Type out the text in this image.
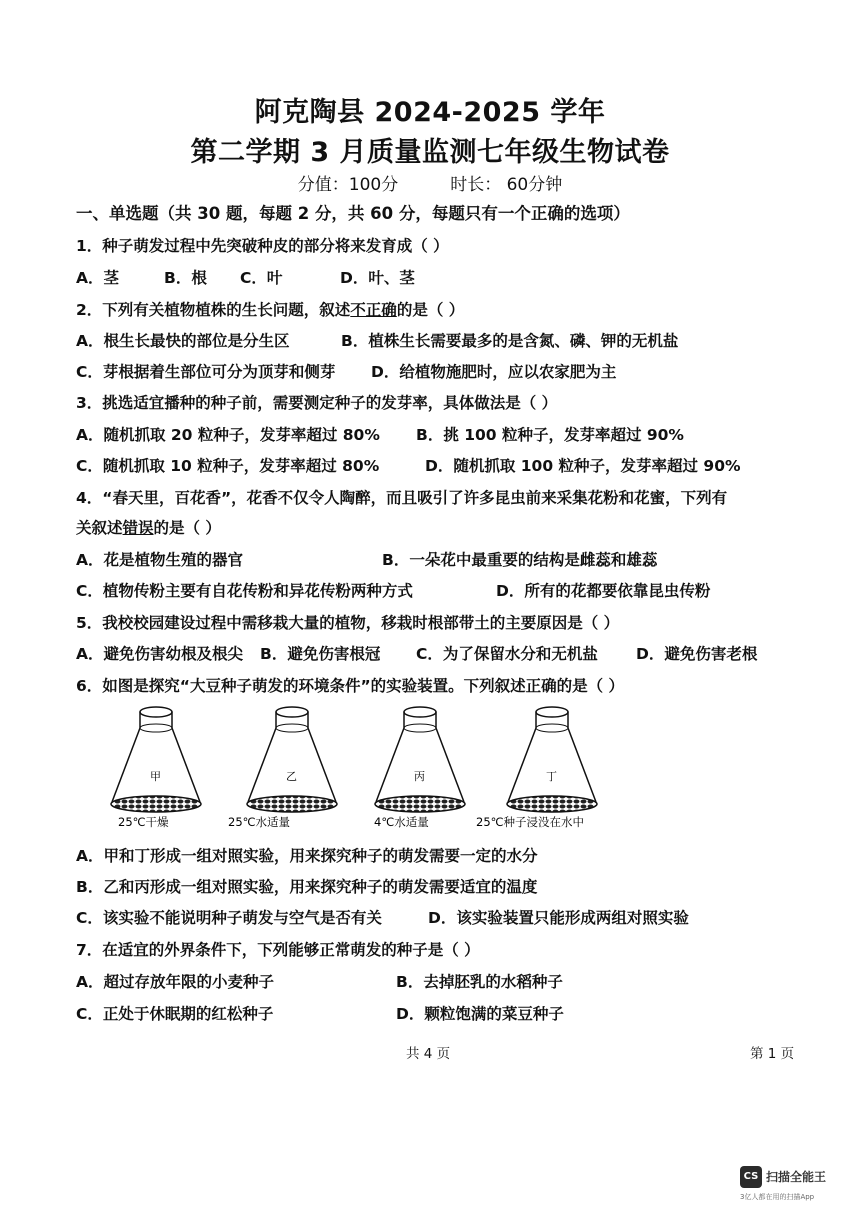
阿克陶县 2024-2025 学年
第二学期 3 月质量监测七年级生物试卷
分值：100分	时长： 60分钟
一、单选题（共 30 题，每题 2 分，共 60 分，每题只有一个正确的选项）
1．种子萌发过程中先突破种皮的部分将来发育成（ ）
A．茎	B．根 C．叶	D．叶、茎
2．下列有关植物植株的生长问题，叙述不正确的是（ ）
A．根生长最快的部位是分生区	B．植株生长需要最多的是含氮、磷、钾的无机盐
C．芽根据着生部位可分为顶芽和侧芽 D．给植物施肥时，应以农家肥为主
3．挑选适宜播种的种子前，需要测定种子的发芽率，具体做法是（ ）
A．随机抓取 20 粒种子，发芽率超过 80% B．挑 100 粒种子，发芽率超过 90%
C．随机抓取 10 粒种子，发芽率超过 80%	D．随机抓取 100 粒种子，发芽率超过 90%
4．“春天里，百花香”，花香不仅令人陶醉，而且吸引了许多昆虫前来采集花粉和花蜜，下列有
关叙述错误的是（ ）
A．花是植物生殖的器官	B．一朵花中最重要的结构是雌蕊和雄蕊
C．植物传粉主要有自花传粉和异花传粉两种方式	D．所有的花都要依靠昆虫传粉
5．我校校园建设过程中需移栽大量的植物，移栽时根部带土的主要原因是（ ）
A．避免伤害幼根及根尖 B．避免伤害根冠 C．为了保留水分和无机盐 D．避免伤害老根
6．如图是探究“大豆种子萌发的环境条件”的实验装置。下列叙述正确的是（ ）
甲	乙	丙	丁
25℃干燥	25℃水适量	4℃水适量	25℃种子浸没在水中
A．甲和丁形成一组对照实验，用来探究种子的萌发需要一定的水分
B．乙和丙形成一组对照实验，用来探究种子的萌发需要适宜的温度
C．该实验不能说明种子萌发与空气是否有关	D．该实验装置只能形成两组对照实验
7．在适宜的外界条件下，下列能够正常萌发的种子是（ ）
A．超过存放年限的小麦种子	B．去掉胚乳的水稻种子
C．正处于休眠期的红松种子	D．颗粒饱满的菜豆种子
共 4 页	第 1 页
CS 扫描全能王
3亿人都在用的扫描App
